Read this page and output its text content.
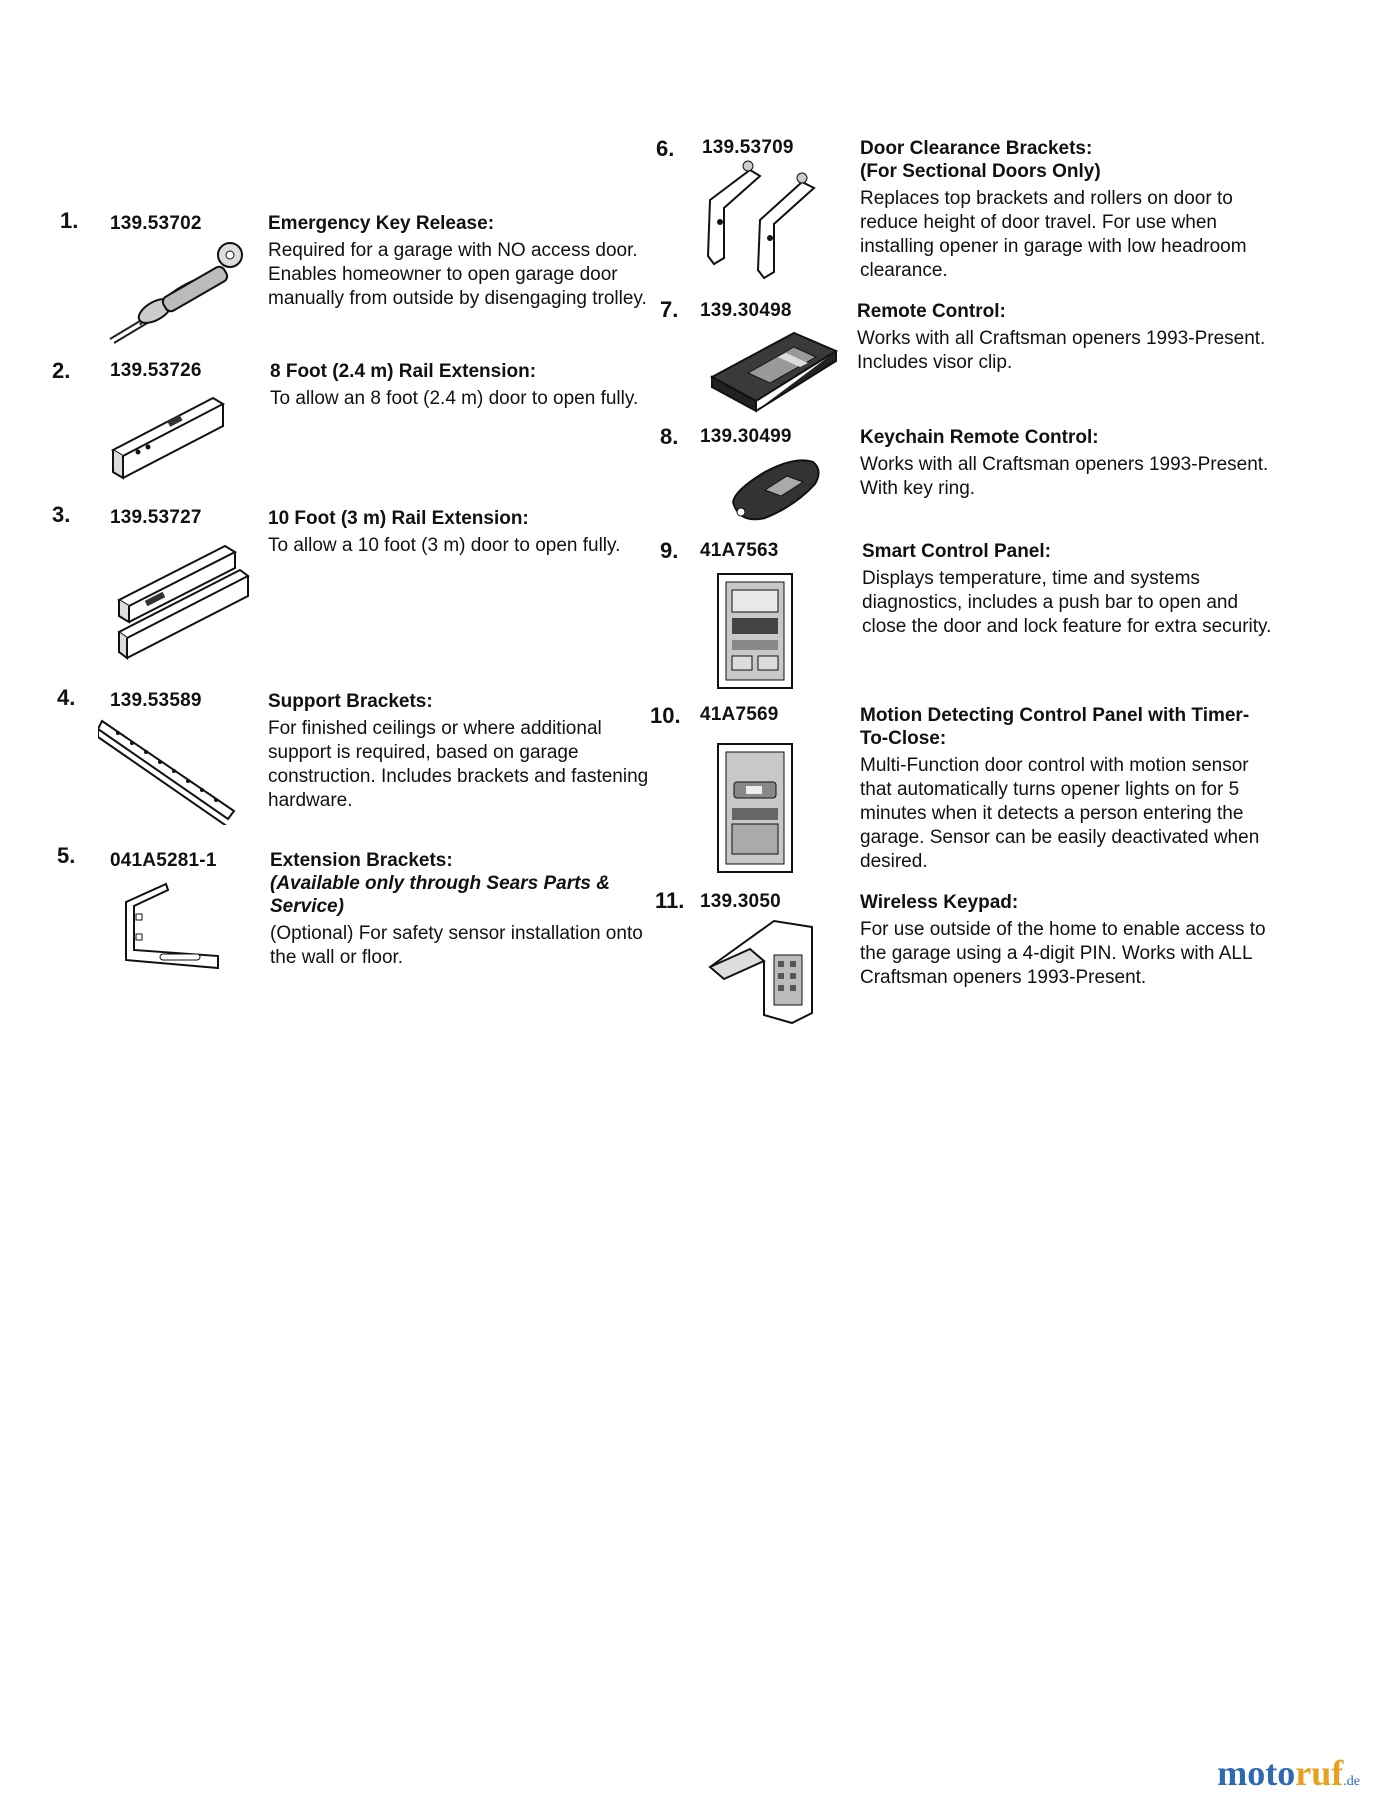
1. 139.53702	Emergency Key Release:

Required for a garage with NO access door. Enables homeowner to open garage door manually from outside by disengaging trolley.

2. 139.53726	8 Foot (2.4 m) Rail Extension:

To allow an 8 foot (2.4 m) door to open fully.

3. 139.53727	10 Foot (3 m) Rail Extension:

To allow a 10 foot (3 m) door to open fully.

4. 139.53589	Support Brackets:

For finished ceilings or where additional support is required, based on garage construction. Includes brackets and fastening hardware.

5. 041A5281-1	Extension Brackets:

(Available only through Sears Parts & Service)

(Optional) For safety sensor installation onto the wall or floor.

6. 139.53709	Door Clearance Brackets:

(For Sectional Doors Only)

Replaces top brackets and rollers on door to reduce height of door travel. For use when installing opener in garage with low headroom clearance.

7. 139.30498	Remote Control:

Works with all Craftsman openers 1993-Present. Includes visor clip.

8. 139.30499	Keychain Remote Control:

Works with all Craftsman openers 1993-Present. With key ring.

9. 41A7563	Smart Control Panel:

Displays temperature, time and systems diagnostics, includes a push bar to open and close the door and lock feature for extra security.

10. 41A7569	Motion Detecting Control Panel with Timer-To-Close:

Multi-Function door control with motion sensor that automatically turns opener lights on for 5 minutes when it detects a person entering the garage. Sensor can be easily deactivated when desired.

11. 139.3050	Wireless Keypad:

For use outside of the home to enable access to the garage using a 4-digit PIN. Works with ALL Craftsman openers 1993-Present.

motoruf.de
